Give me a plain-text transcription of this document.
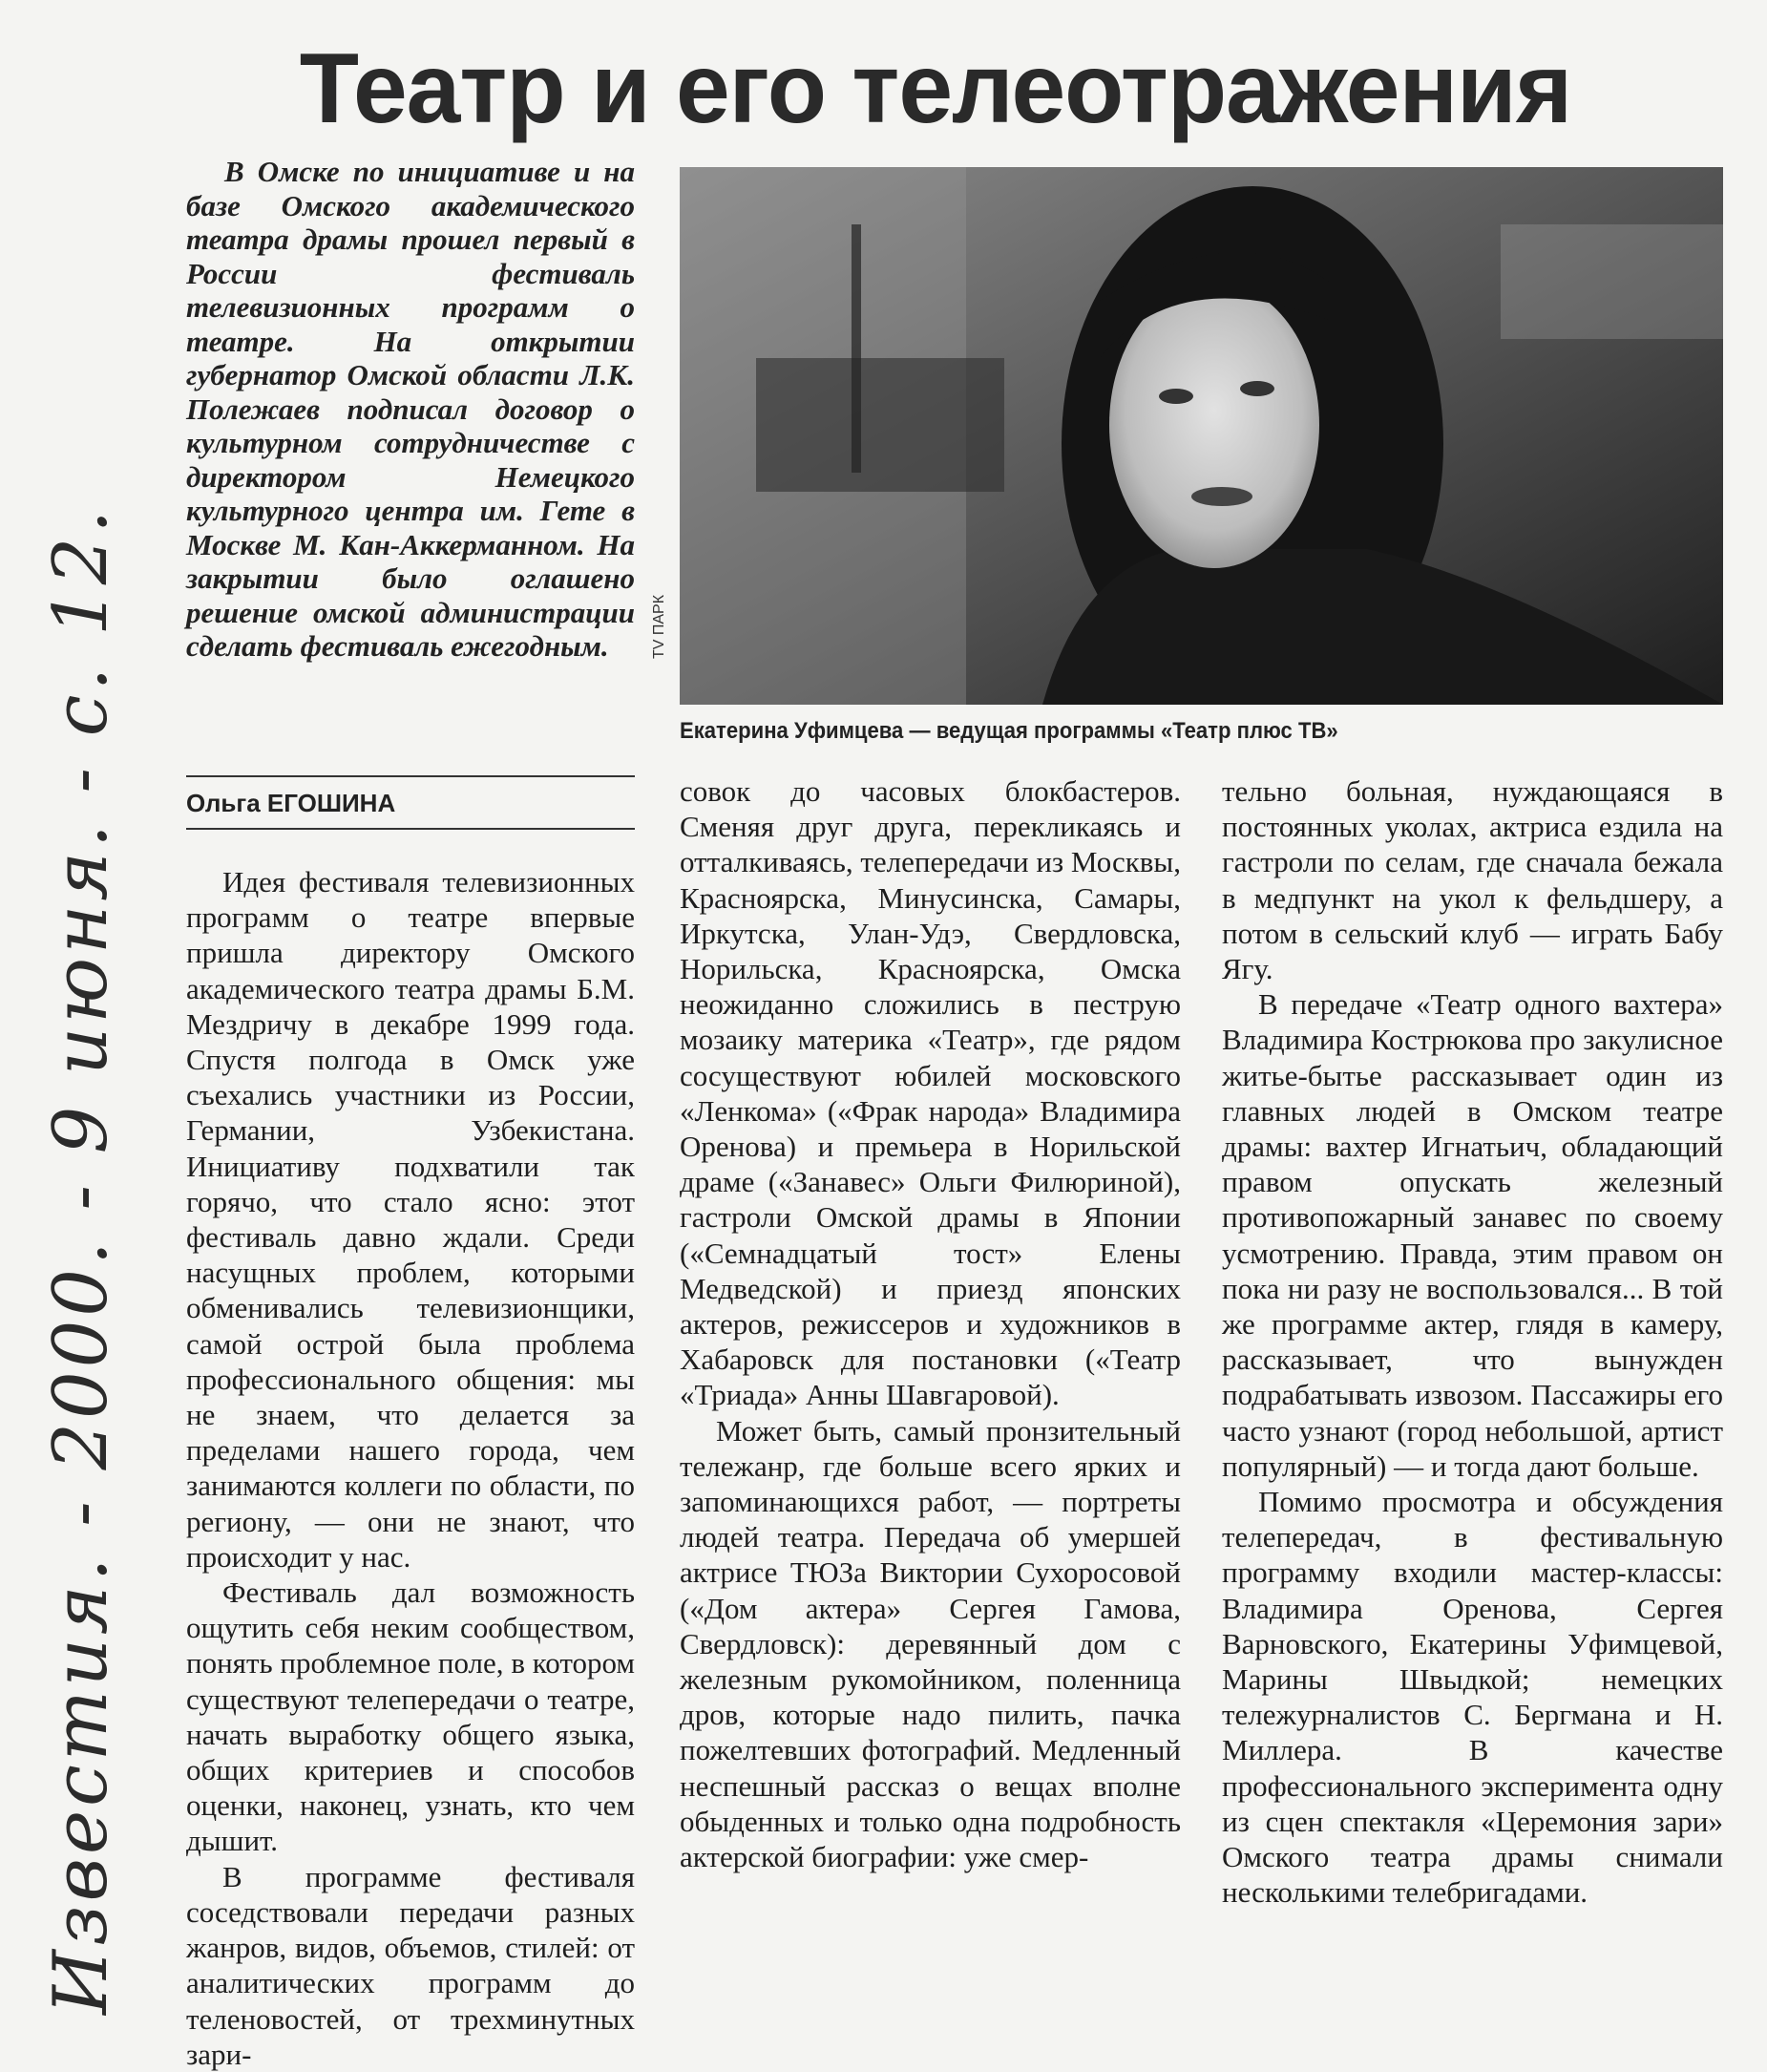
Театр и его телеотражения
В Омске по инициативе и на базе Омского академического театра драмы прошел первый в России фестиваль телевизионных программ о театре. На открытии губернатор Омской области Л.К. Полежаев подписал договор о культурном сотрудничестве с директором Немецкого культурного центра им. Гете в Москве М. Кан-Аккерманном. На закрытии было оглашено решение омской администрации сделать фестиваль ежегодным.	TV ПАРК
Екатерина Уфимцева — ведущая программы «Театр плюс ТВ»
Ольга ЕГОШИНА

Идея фестиваля телевизионных программ о театре впервые пришла директору Омского академического театра драмы Б.М. Мездричу в декабре 1999 года. Спустя полгода в Омск уже съехались участники из России, Германии, Узбекистана. Инициативу подхватили так горячо, что стало ясно: этот фестиваль давно ждали. Среди насущных проблем, которыми обменивались телевизионщики, самой острой была проблема профессионального общения: мы не знаем, что делается за пределами нашего города, чем занимаются коллеги по области, по региону, — они не знают, что происходит у нас.

Фестиваль дал возможность ощутить себя неким сообществом, понять проблемное поле, в котором существуют телепередачи о театре, начать выработку общего языка, общих критериев и способов оценки, наконец, узнать, кто чем дышит.

В программе фестиваля соседствовали передачи разных жанров, видов, объемов, стилей: от аналитических программ до теленовостей, от трехминутных зари-

совок до часовых блокбастеров. Сменяя друг друга, перекликаясь и отталкиваясь, телепередачи из Москвы, Красноярска, Минусинска, Самары, Иркутска, Улан-Удэ, Свердловска, Норильска, Красноярска, Омска неожиданно сложились в пеструю мозаику материка «Театр», где рядом сосуществуют юбилей московского «Ленкома» («Фрак народа» Владимира Оренова) и премьера в Норильской драме («Занавес» Ольги Филюриной), гастроли Омской драмы в Японии («Семнадцатый тост» Елены Медведской) и приезд японских актеров, режиссеров и художников в Хабаровск для постановки («Театр «Триада» Анны Шавгаровой).

Может быть, самый пронзительный тележанр, где больше всего ярких и запоминающихся работ, — портреты людей театра. Передача об умершей актрисе ТЮЗа Виктории Сухоросовой («Дом актера» Сергея Гамова, Свердловск): деревянный дом с железным рукомойником, поленница дров, которые надо пилить, пачка пожелтевших фотографий. Медленный неспешный рассказ о вещах вполне обыденных и только одна подробность актерской биографии: уже смер-

тельно больная, нуждающаяся в постоянных уколах, актриса ездила на гастроли по селам, где сначала бежала в медпункт на укол к фельдшеру, а потом в сельский клуб — играть Бабу Ягу.

В передаче «Театр одного вахтера» Владимира Кострюкова про закулисное житье-бытье рассказывает один из главных людей в Омском театре драмы: вахтер Игнатьич, обладающий правом опускать железный противопожарный занавес по своему усмотрению. Правда, этим правом он пока ни разу не воспользовался... В той же программе актер, глядя в камеру, рассказывает, что вынужден подрабатывать извозом. Пассажиры его часто узнают (город небольшой, артист популярный) — и тогда дают больше.

Помимо просмотра и обсуждения телепередач, в фестивальную программу входили мастер-классы: Владимира Оренова, Сергея Варновского, Екатерины Уфимцевой, Марины Швыдкой; немецких тележурналистов С. Бергмана и Н. Миллера. В качестве профессионального эксперимента одну из сцен спектакля «Церемония зари» Омского театра драмы снимали несколькими телебригадами.

Известия. - 2000. - 9 июня. - с. 12.
